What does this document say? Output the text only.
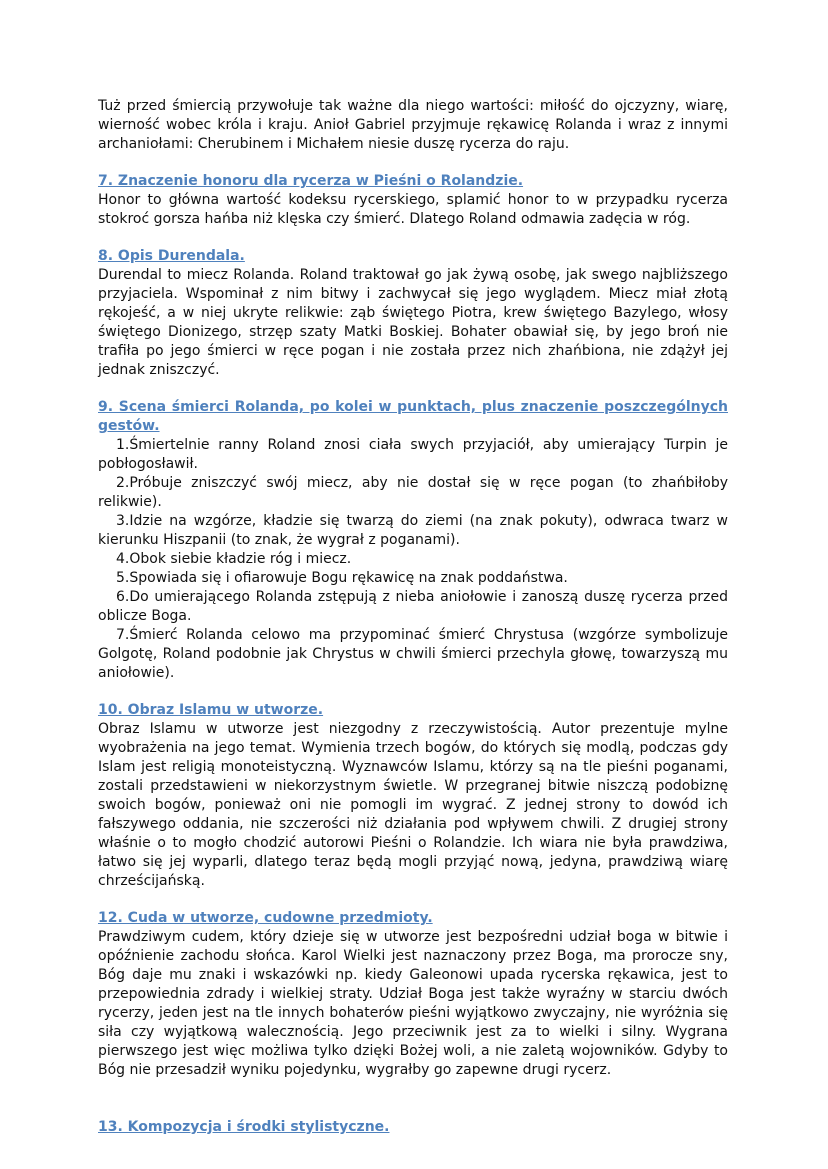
Tuż przed śmiercią przywołuje tak ważne dla niego wartości: miłość do ojczyzny, wiarę, wierność wobec króla i kraju. Anioł Gabriel przyjmuje rękawicę Rolanda i wraz z innymi archaniołami: Cherubinem i Michałem niesie duszę rycerza do raju.

7. Znaczenie honoru dla rycerza w Pieśni o Rolandzie.

Honor to główna wartość kodeksu rycerskiego, splamić honor to w przypadku rycerza stokroć gorsza hańba niż klęska czy śmierć. Dlatego Roland odmawia zadęcia w róg.

8. Opis Durendala.

Durendal to miecz Rolanda. Roland traktował go jak żywą osobę, jak swego najbliższego przyjaciela. Wspominał z nim bitwy i zachwycał się jego wyglądem. Miecz miał złotą rękojeść, a w niej ukryte relikwie: ząb świętego Piotra, krew świętego Bazylego, włosy świętego Dionizego, strzęp szaty Matki Boskiej. Bohater obawiał się, by jego broń nie trafiła po jego śmierci w ręce pogan i nie została przez nich zhańbiona, nie zdążył jej jednak zniszczyć.

9. Scena śmierci Rolanda, po kolei w punktach, plus znaczenie poszczególnych gestów.

1.Śmiertelnie ranny Roland znosi ciała swych przyjaciół, aby umierający Turpin je pobłogosławił.

2.Próbuje zniszczyć swój miecz, aby nie dostał się w ręce pogan (to zhańbiłoby relikwie).

3.Idzie na wzgórze, kładzie się twarzą do ziemi (na znak pokuty), odwraca twarz w kierunku Hiszpanii (to znak, że wygrał z poganami).

4.Obok siebie kładzie róg i miecz.

5.Spowiada się i ofiarowuje Bogu rękawicę na znak poddaństwa.

6.Do umierającego Rolanda zstępują z nieba aniołowie i zanoszą duszę rycerza przed oblicze Boga.

7.Śmierć Rolanda celowo ma przypominać śmierć Chrystusa (wzgórze symbolizuje Golgotę, Roland podobnie jak Chrystus w chwili śmierci przechyla głowę, towarzyszą mu aniołowie).

10. Obraz Islamu w utworze.

Obraz Islamu w utworze jest niezgodny z rzeczywistością. Autor prezentuje mylne wyobrażenia na jego temat. Wymienia trzech bogów, do których się modlą, podczas gdy Islam jest religią monoteistyczną. Wyznawców Islamu, którzy są na tle pieśni poganami, zostali przedstawieni w niekorzystnym świetle. W przegranej bitwie niszczą podobiznę swoich bogów, ponieważ oni nie pomogli im wygrać. Z jednej strony to dowód ich fałszywego oddania, nie szczerości niż działania pod wpływem chwili. Z drugiej strony właśnie o to mogło chodzić autorowi Pieśni o Rolandzie. Ich wiara nie była prawdziwa, łatwo się jej wyparli, dlatego teraz będą mogli przyjąć nową, jedyna, prawdziwą wiarę chrześcijańską.

12. Cuda w utworze, cudowne przedmioty.

Prawdziwym cudem, który dzieje się w utworze jest bezpośredni udział boga w bitwie i opóźnienie zachodu słońca. Karol Wielki jest naznaczony przez Boga, ma prorocze sny, Bóg daje mu znaki i wskazówki np. kiedy Galeonowi upada rycerska rękawica, jest to przepowiednia zdrady i wielkiej straty. Udział Boga jest także wyraźny w starciu dwóch rycerzy, jeden jest na tle innych bohaterów pieśni wyjątkowo zwyczajny, nie wyróżnia się siła czy wyjątkową walecznością. Jego przeciwnik jest za to wielki i silny. Wygrana pierwszego jest więc możliwa tylko dzięki Bożej woli, a nie zaletą wojowników. Gdyby to Bóg nie przesadził wyniku pojedynku, wygrałby go zapewne drugi rycerz.

13. Kompozycja i środki stylistyczne.
